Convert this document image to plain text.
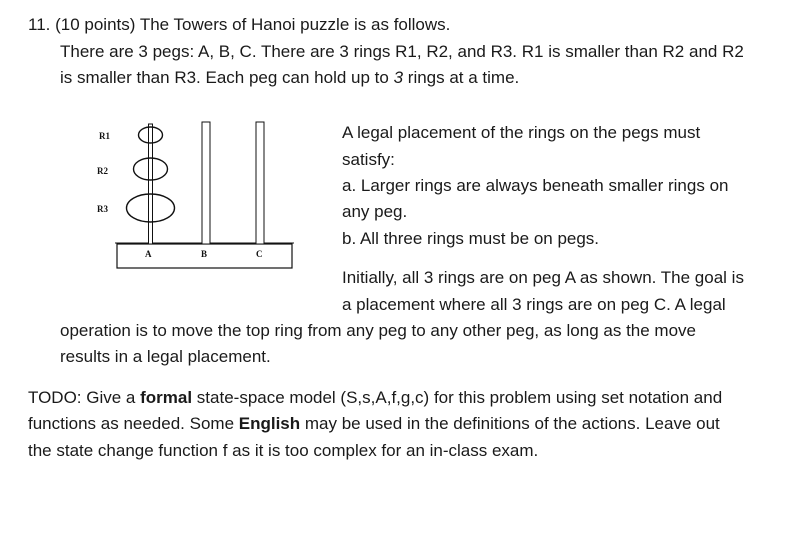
11. (10 points) The Towers of Hanoi puzzle is as follows.
There are 3 pegs: A, B, C. There are 3 rings R1, R2, and R3. R1 is smaller than R2 and R2
is smaller than R3. Each peg can hold up to 3 rings at a time.
R1
R2
R3
A	B	C
A legal placement of the rings on the pegs must
satisfy:
a. Larger rings are always beneath smaller rings on
any peg.
b. All three rings must be on pegs.
Initially, all 3 rings are on peg A as shown. The goal is
a placement where all 3 rings are on peg C. A legal
operation is to move the top ring from any peg to any other peg, as long as the move
results in a legal placement.
TODO: Give a formal state-space model (S,s,A,f,g,c) for this problem using set notation and
functions as needed. Some English may be used in the definitions of the actions. Leave out
the state change function f as it is too complex for an in-class exam.
